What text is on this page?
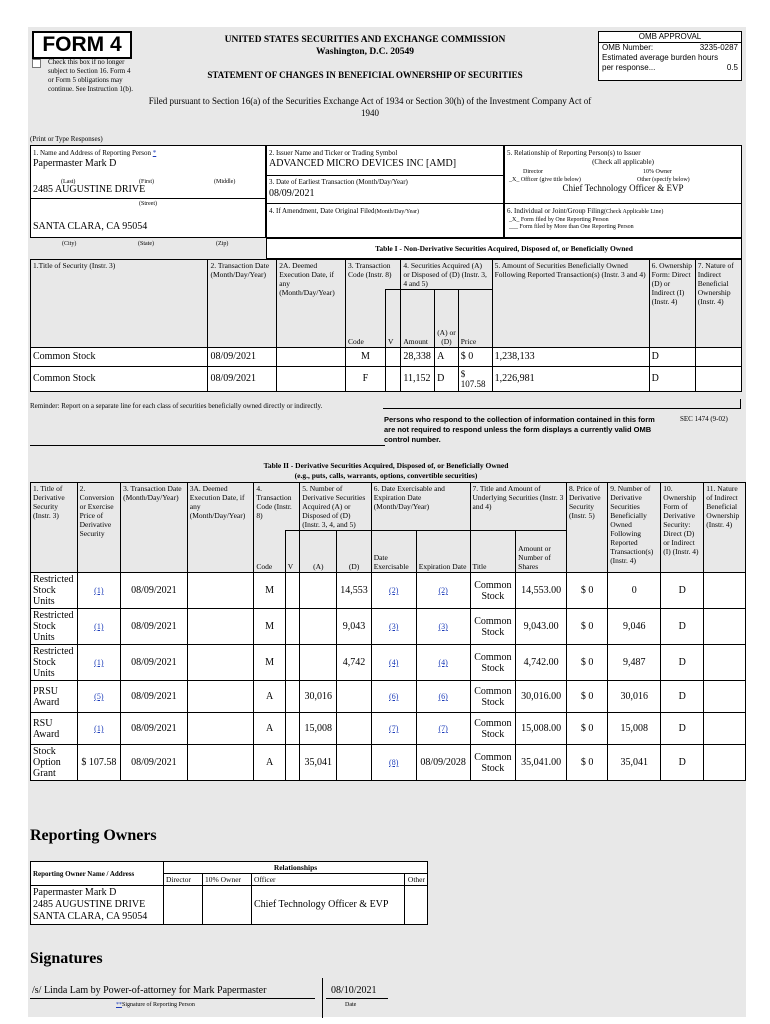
FORM 4
Check this box if no longer subject to Section 16. Form 4 or Form 5 obligations may continue. See Instruction 1(b).
UNITED STATES SECURITIES AND EXCHANGE COMMISSION
Washington, D.C. 20549
STATEMENT OF CHANGES IN BENEFICIAL OWNERSHIP OF SECURITIES
Filed pursuant to Section 16(a) of the Securities Exchange Act of 1934 or Section 30(h) of the Investment Company Act of 1940
OMB APPROVAL
OMB Number:	3235-0287
Estimated average burden hours
per response...	0.5
(Print or Type Responses)
1. Name and Address of Reporting Person *
Papermaster Mark D
(Last)	(First)	(Middle)
2485 AUGUSTINE DRIVE
(Street)
SANTA CLARA, CA 95054
(City)	(State)	(Zip)
2. Issuer Name and Ticker or Trading Symbol
ADVANCED MICRO DEVICES INC [AMD]
3. Date of Earliest Transaction (Month/Day/Year)
08/09/2021
4. If Amendment, Date Original Filed(Month/Day/Year)
5. Relationship of Reporting Person(s) to Issuer
(Check all applicable)
Director	10% Owner
_X_ Officer (give title below)	Other (specify below)
Chief Technology Officer & EVP
6. Individual or Joint/Group Filing(Check Applicable Line)
_X_ Form filed by One Reporting Person
___ Form filed by More than One Reporting Person
Table I - Non-Derivative Securities Acquired, Disposed of, or Beneficially Owned
1.Title of Security (Instr. 3)	2. Transaction Date (Month/Day/Year)	2A. Deemed Execution Date, if any (Month/Day/Year)	3. Transaction Code (Instr. 8)		4. Securities Acquired (A) or Disposed of (D) (Instr. 3, 4 and 5)			5. Amount of Securities Beneficially Owned Following Reported Transaction(s) (Instr. 3 and 4)	6. Ownership Form: Direct (D) or Indirect (I) (Instr. 4)	7. Nature of Indirect Beneficial Ownership (Instr. 4)
			Code	V	Amount	(A) or (D)	Price			
Common Stock	08/09/2021		M		28,338	A	$ 0	1,238,133	D	
Common Stock	08/09/2021		F		11,152	D	$ 107.58	1,226,981	D	
Reminder: Report on a separate line for each class of securities beneficially owned directly or indirectly.
Persons who respond to the collection of information contained in this form are not required to respond unless the form displays a currently valid OMB control number.
SEC 1474 (9-02)
Table II - Derivative Securities Acquired, Disposed of, or Beneficially Owned
(e.g., puts, calls, warrants, options, convertible securities)
1. Title of Derivative Security (Instr. 3)	2. Conversion or Exercise Price of Derivative Security	3. Transaction Date (Month/Day/Year)	3A. Deemed Execution Date, if any (Month/Day/Year)	4. Transaction Code (Instr. 8)		5. Number of Derivative Securities Acquired (A) or Disposed of (D) (Instr. 3, 4, and 5)		6. Date Exercisable and Expiration Date (Month/Day/Year)		7. Title and Amount of Underlying Securities (Instr. 3 and 4)		8. Price of Derivative Security (Instr. 5)	9. Number of Derivative Securities Beneficially Owned Following Reported Transaction(s) (Instr. 4)	10. Ownership Form of Derivative Security: Direct (D) or Indirect (I) (Instr. 4)	11. Nature of Indirect Beneficial Ownership (Instr. 4)
				Code	V	(A)	(D)	Date Exercisable	Expiration Date	Title	Amount or Number of Shares				
Restricted Stock Units	(1)	08/09/2021		M			14,553	(2)	(2)	Common Stock	14,553.00	$ 0	0	D	
Restricted Stock Units	(1)	08/09/2021		M			9,043	(3)	(3)	Common Stock	9,043.00	$ 0	9,046	D	
Restricted Stock Units	(1)	08/09/2021		M			4,742	(4)	(4)	Common Stock	4,742.00	$ 0	9,487	D	
PRSU Award	(5)	08/09/2021		A		30,016		(6)	(6)	Common Stock	30,016.00	$ 0	30,016	D	
RSU Award	(1)	08/09/2021		A		15,008		(7)	(7)	Common Stock	15,008.00	$ 0	15,008	D	
Stock Option Grant	$ 107.58	08/09/2021		A		35,041		(8)	08/09/2028	Common Stock	35,041.00	$ 0	35,041	D	
Reporting Owners
Reporting Owner Name / Address	Relationships			
	Director	10% Owner	Officer	Other

Papermaster Mark D
2485 AUGUSTINE DRIVE
SANTA CLARA, CA 95054			Chief Technology Officer & EVP	
Signatures
/s/ Linda Lam by Power-of-attorney for Mark Papermaster
**Signature of Reporting Person
08/10/2021
Date
